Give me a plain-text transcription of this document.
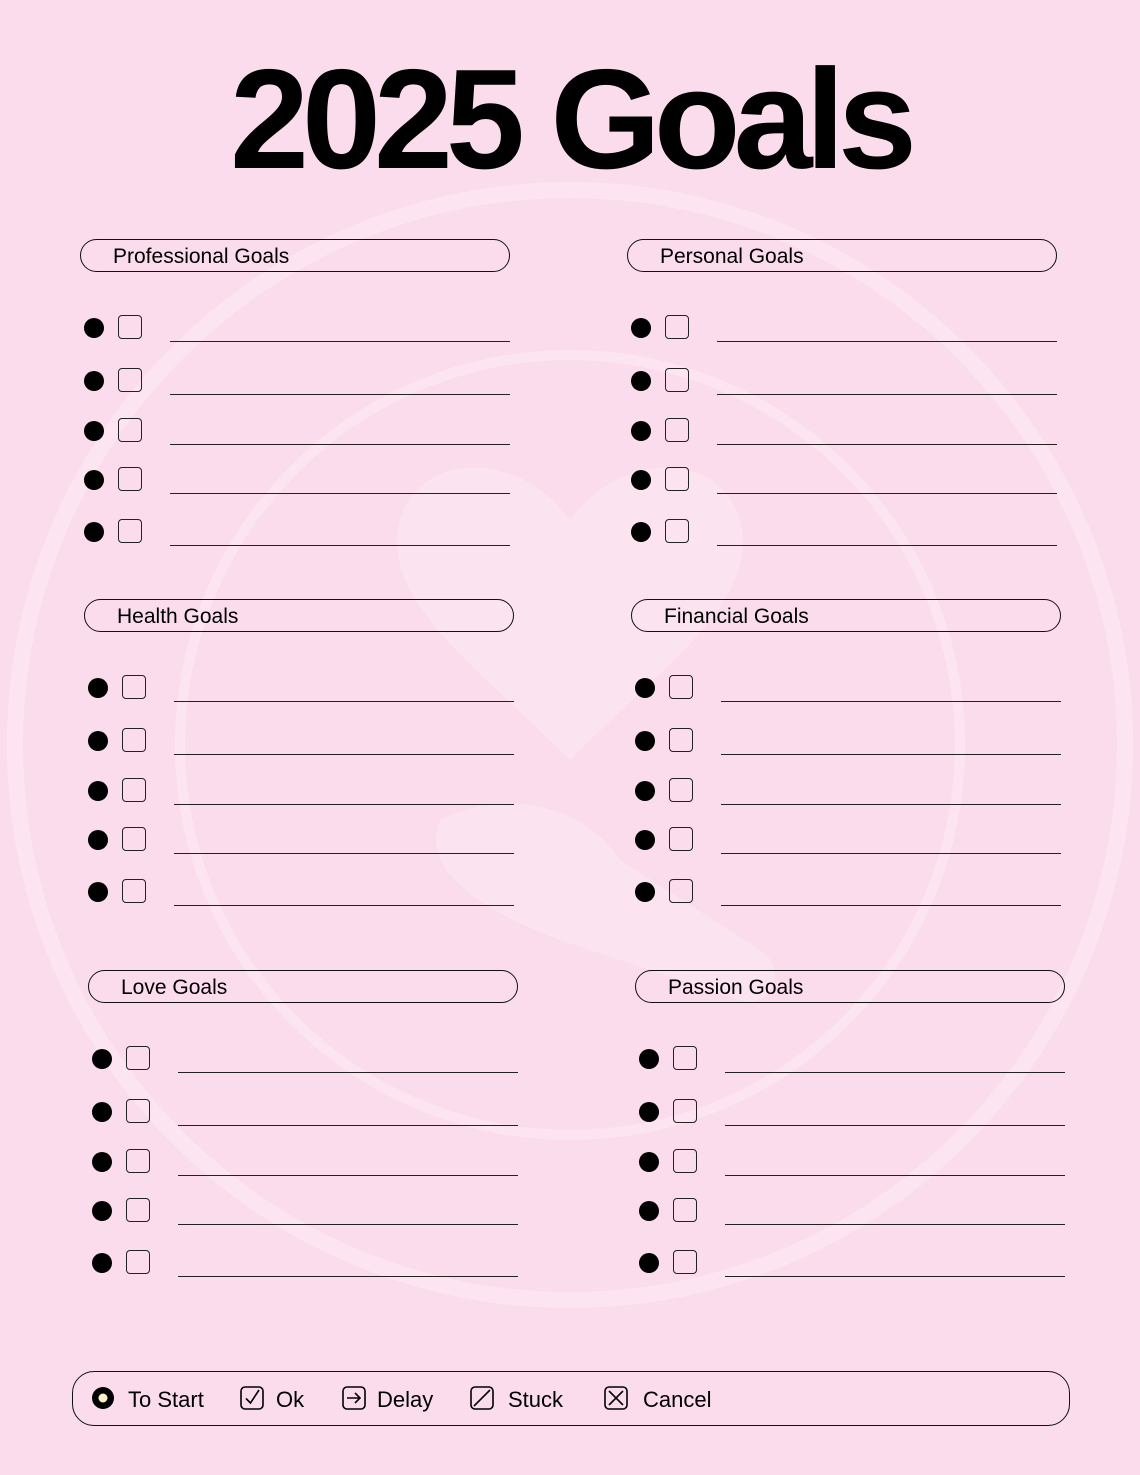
2025 Goals
Professional Goals	Personal Goals
Health Goals	Financial Goals
Love Goals	Passion Goals
To Start	Ok	Delay	Stuck	Cancel
